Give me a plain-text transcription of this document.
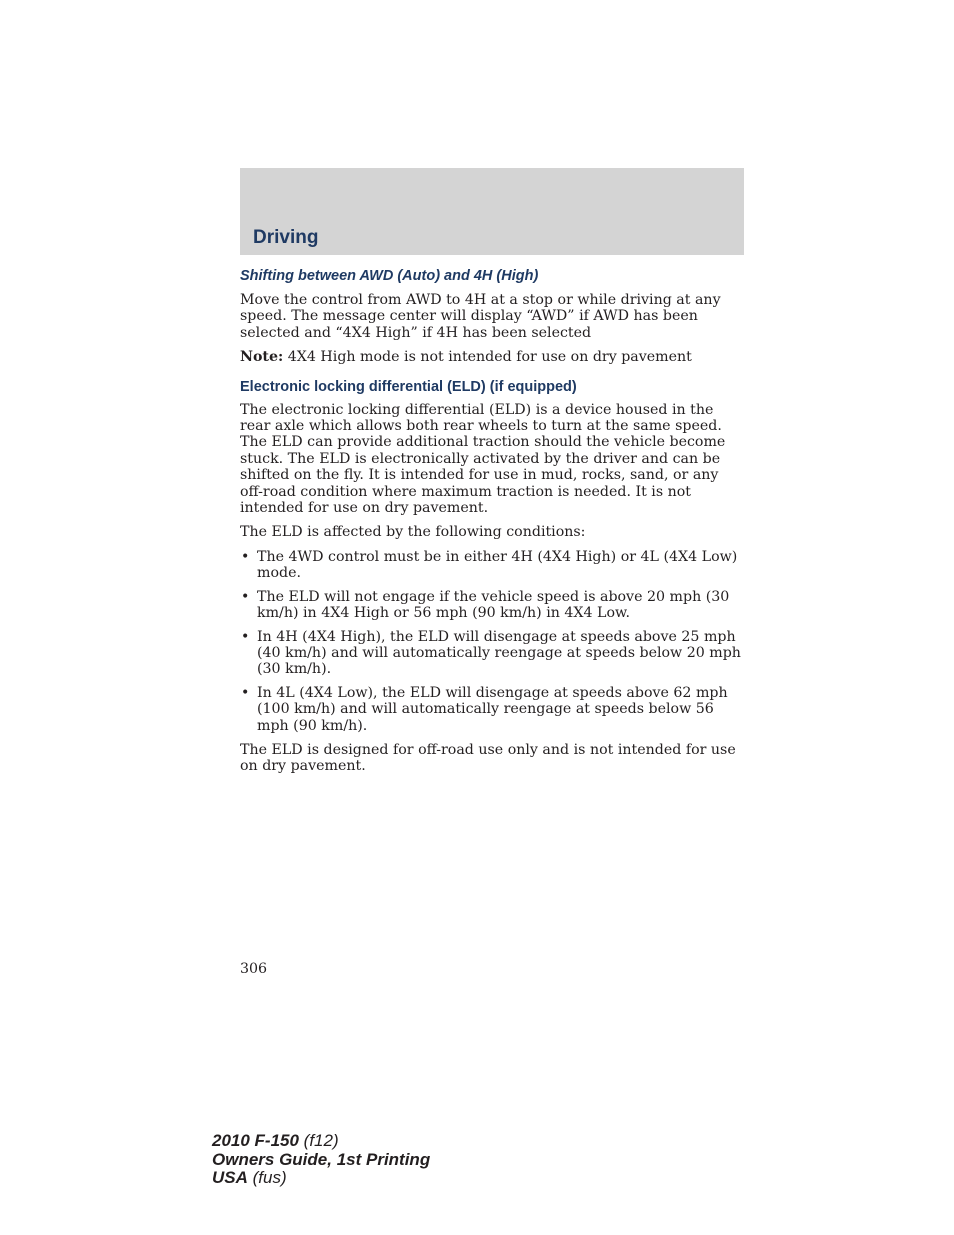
Driving
Shifting between AWD (Auto) and 4H (High)

Move the control from AWD to 4H at a stop or while driving at any speed. The message center will display “AWD” if AWD has been selected and “4X4 High” if 4H has been selected

Note: 4X4 High mode is not intended for use on dry pavement

Electronic locking differential (ELD) (if equipped)

The electronic locking differential (ELD) is a device housed in the rear axle which allows both rear wheels to turn at the same speed. The ELD can provide additional traction should the vehicle become stuck. The ELD is electronically activated by the driver and can be shifted on the fly. It is intended for use in mud, rocks, sand, or any off-road condition where maximum traction is needed. It is not intended for use on dry pavement.

The ELD is affected by the following conditions:

• The 4WD control must be in either 4H (4X4 High) or 4L (4X4 Low) mode.
• The ELD will not engage if the vehicle speed is above 20 mph (30 km/h) in 4X4 High or 56 mph (90 km/h) in 4X4 Low.
• In 4H (4X4 High), the ELD will disengage at speeds above 25 mph (40 km/h) and will automatically reengage at speeds below 20 mph (30 km/h).
• In 4L (4X4 Low), the ELD will disengage at speeds above 62 mph (100 km/h) and will automatically reengage at speeds below 56 mph (90 km/h).

The ELD is designed for off-road use only and is not intended for use on dry pavement.

306
2010 F-150 (f12)
Owners Guide, 1st Printing
USA (fus)
